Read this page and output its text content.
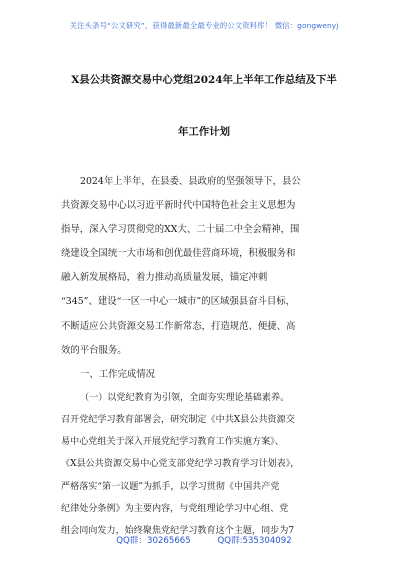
关注头条号“公文研究”，获得最新最全最专业的公文资料库！ 微信：gongwenyj
X县公共资源交易中心党组2024年上半年工作总结及下半
年工作计划
2024年上半年，在县委、县政府的坚强领导下，县公
共资源交易中心以习近平新时代中国特色社会主义思想为
指导，深入学习贯彻党的XX大、二十届二中全会精神，围
绕建设全国统一大市场和创优最佳营商环境，积极服务和
融入新发展格局，着力推动高质量发展，锚定冲刺
“345”、建设“一区一中心一城市”的区域强县奋斗目标，
不断适应公共资源交易工作新常态，打造规范、便捷、高
效的平台服务。
一、工作完成情况
（一）以党纪教育为引领，全面夯实理论基础素养。
召开党纪学习教育部署会，研究制定《中共X县公共资源交
易中心党组关于深入开展党纪学习教育工作实施方案》、
《X县公共资源交易中心党支部党纪学习教育学习计划表》，
严格落实“第一议题”为抓手，以学习贯彻《中国共产党
纪律处分条例》为主要内容，与党组理论学习中心组、党
组会同向发力，始终聚焦党纪学习教育这个主题，同步为7
QQ群：30265665	QQ群:535304092
